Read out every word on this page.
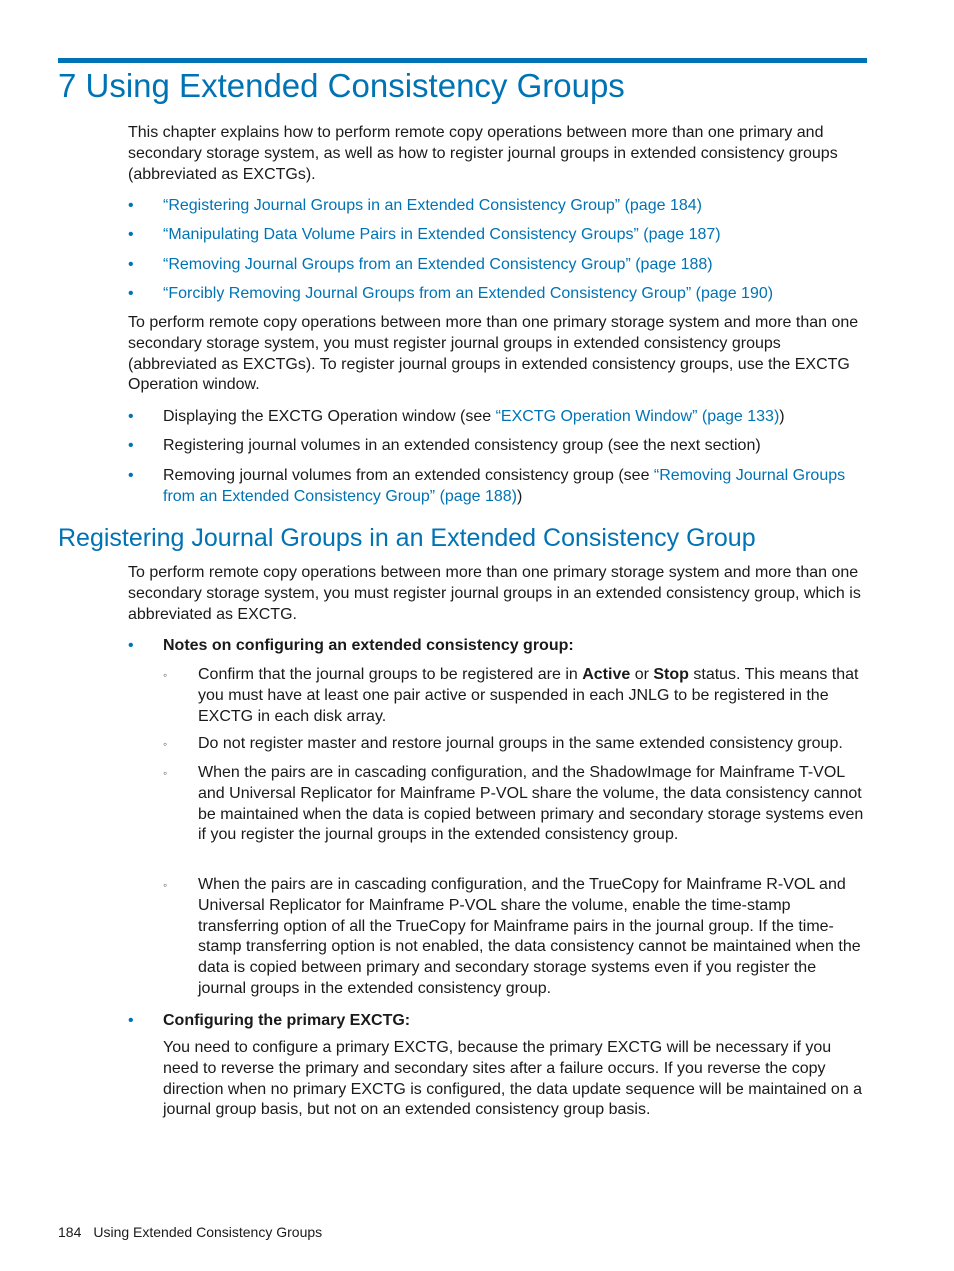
7 Using Extended Consistency Groups

This chapter explains how to perform remote copy operations between more than one primary and secondary storage system, as well as how to register journal groups in extended consistency groups (abbreviated as EXCTGs).

• “Registering Journal Groups in an Extended Consistency Group” (page 184)
• “Manipulating Data Volume Pairs in Extended Consistency Groups” (page 187)
• “Removing Journal Groups from an Extended Consistency Group” (page 188)
• “Forcibly Removing Journal Groups from an Extended Consistency Group” (page 190)

To perform remote copy operations between more than one primary storage system and more than one secondary storage system, you must register journal groups in extended consistency groups (abbreviated as EXCTGs). To register journal groups in extended consistency groups, use the EXCTG Operation window.

• Displaying the EXCTG Operation window (see “EXCTG Operation Window” (page 133))
• Registering journal volumes in an extended consistency group (see the next section)
• Removing journal volumes from an extended consistency group (see “Removing Journal Groups from an Extended Consistency Group” (page 188))
Registering Journal Groups in an Extended Consistency Group

To perform remote copy operations between more than one primary storage system and more than one secondary storage system, you must register journal groups in an extended consistency group, which is abbreviated as EXCTG.

• Notes on configuring an extended consistency group:
◦ Confirm that the journal groups to be registered are in Active or Stop status. This means that you must have at least one pair active or suspended in each JNLG to be registered in the EXCTG in each disk array.
◦ Do not register master and restore journal groups in the same extended consistency group.
◦ When the pairs are in cascading configuration, and the ShadowImage for Mainframe T-VOL and Universal Replicator for Mainframe P-VOL share the volume, the data consistency cannot be maintained when the data is copied between primary and secondary storage systems even if you register the journal groups in the extended consistency group.
◦ When the pairs are in cascading configuration, and the TrueCopy for Mainframe R-VOL and Universal Replicator for Mainframe P-VOL share the volume, enable the time-stamp transferring option of all the TrueCopy for Mainframe pairs in the journal group. If the time-stamp transferring option is not enabled, the data consistency cannot be maintained when the data is copied between primary and secondary storage systems even if you register the journal groups in the extended consistency group.
• Configuring the primary EXCTG:
You need to configure a primary EXCTG, because the primary EXCTG will be necessary if you need to reverse the primary and secondary sites after a failure occurs. If you reverse the copy direction when no primary EXCTG is configured, the data update sequence will be maintained on a journal group basis, but not on an extended consistency group basis.
184 Using Extended Consistency Groups
